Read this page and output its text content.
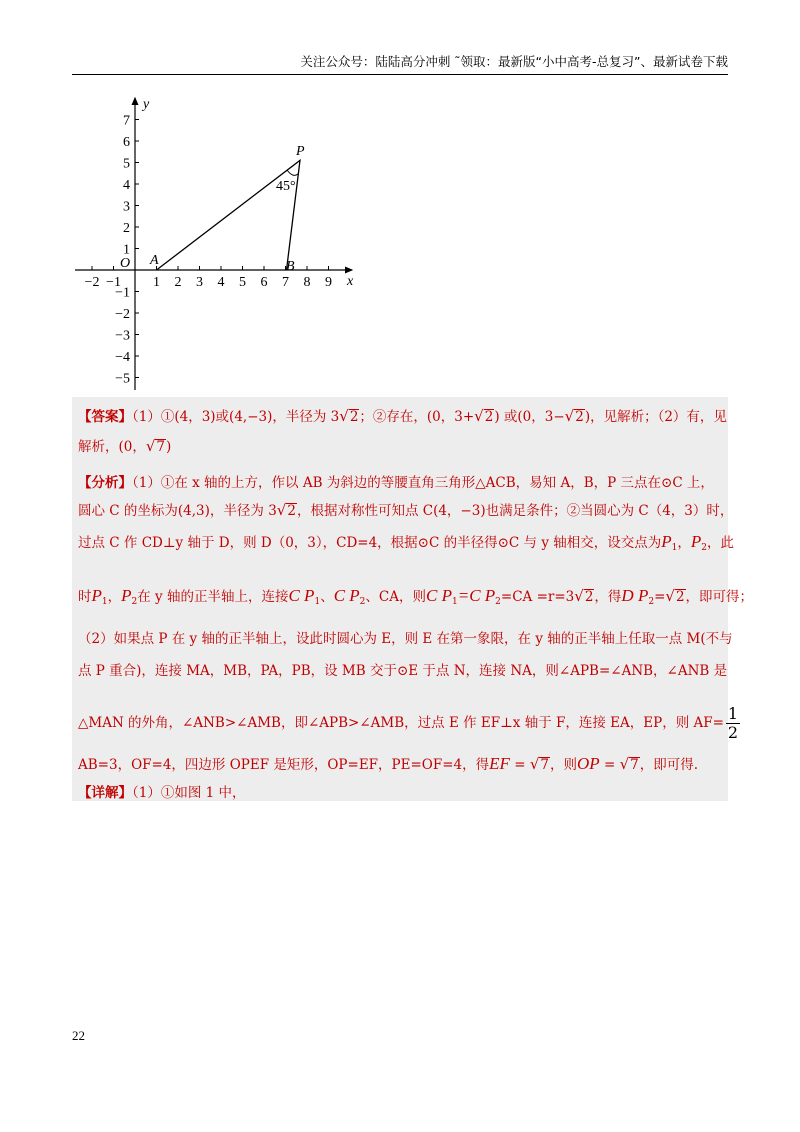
关注公众号：陆陆高分冲刺 ˜领取：最新版“小中高考-总复习”、最新试卷下载
−2 −1 1 2 3 4 5 6 7 8 9
7
6
5
4
3
2
1
−1
−2
−3
−4
−5
x
y
O A	B
P
45°
【答案】（1）①(4，3)或(4,−3)，半径为 3√2；②存在，(0，3+√2) 或(0，3−√2)，见解析；（2）有，见
解析，(0，√7)
【分析】（1）①在 x 轴的上方，作以 AB 为斜边的等腰直角三角形△ACB，易知 A，B，P 三点在⊙C 上，
圆心 C 的坐标为(4,3)，半径为 3√2，根据对称性可知点 C(4，−3)也满足条件；②当圆心为 C（4，3）时，
过点 C 作 CD⊥y 轴于 D，则 D（0，3），CD=4，根据⊙C 的半径得⊙C 与 y 轴相交，设交点为$P_1$，$P_2$，此
时$P_1$，$P_2$在 y 轴的正半轴上，连接C $P_1$、C $P_2$、CA，则C $P_1=C$ $P_2=CA =r=3√2$，得D $P_2=√2$，即可得；
（2）如果点 P 在 y 轴的正半轴上，设此时圆心为 E，则 E 在第一象限，在 y 轴的正半轴上任取一点 M(不与
点 P 重合)，连接 MA，MB，PA，PB，设 MB 交于⊙E 于点 N，连接 NA，则∠APB=∠ANB，∠ANB 是
△MAN 的外角，∠ANB>∠AMB，即∠APB>∠AMB，过点 E 作 EF⊥x 轴于 F，连接 EA，EP，则 $AF= \frac{1}{2}$
AB=3，OF=4，四边形 OPEF 是矩形，OP=EF，PE=OF=4，得EF = √7，则OP = √7，即可得.
【详解】（1）①如图 1 中，
22
